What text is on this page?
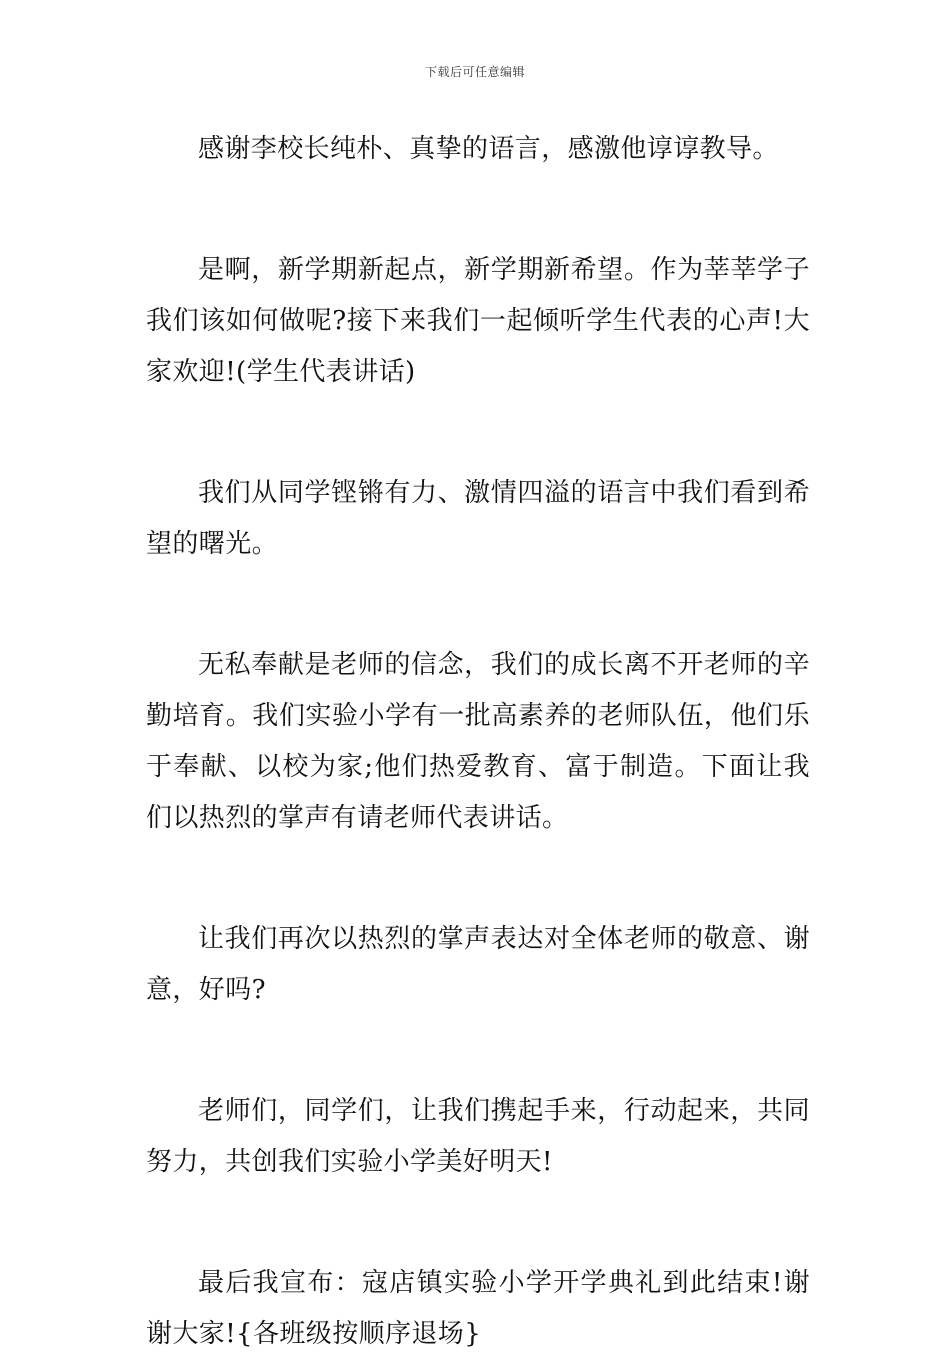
下载后可任意编辑

感谢李校长纯朴、真挚的语言，感激他谆谆教导。

是啊，新学期新起点，新学期新希望。作为莘莘学子我们该如何做呢?接下来我们一起倾听学生代表的心声!大家欢迎!(学生代表讲话)

我们从同学铿锵有力、激情四溢的语言中我们看到希望的曙光。

无私奉献是老师的信念，我们的成长离不开老师的辛勤培育。我们实验小学有一批高素养的老师队伍，他们乐于奉献、以校为家;他们热爱教育、富于制造。下面让我们以热烈的掌声有请老师代表讲话。

让我们再次以热烈的掌声表达对全体老师的敬意、谢意，好吗?

老师们，同学们，让我们携起手来，行动起来，共同努力，共创我们实验小学美好明天!

最后我宣布：寇店镇实验小学开学典礼到此结束!谢谢大家!{各班级按顺序退场}
